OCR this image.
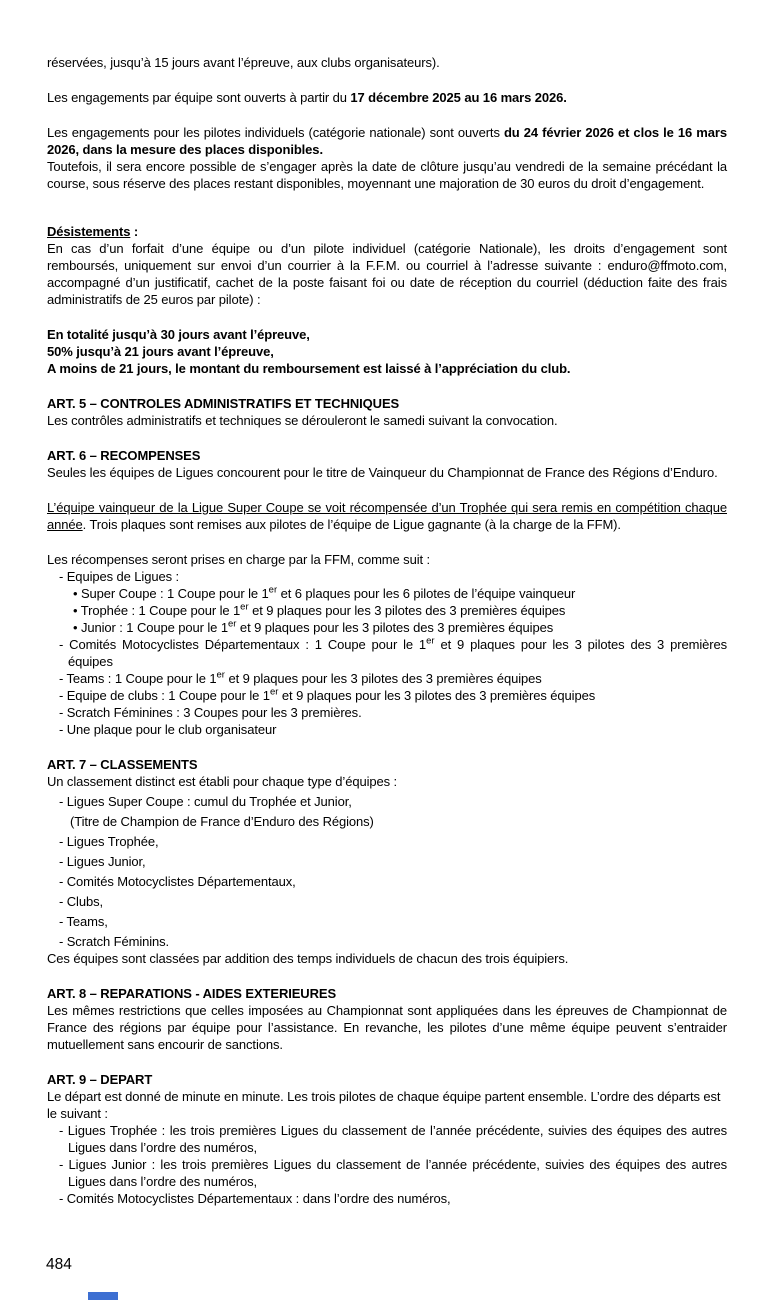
réservées, jusqu’à 15 jours avant l’épreuve, aux clubs organisateurs).
Les engagements par équipe sont ouverts à partir du 17 décembre 2025 au 16 mars 2026.
Les engagements pour les pilotes individuels (catégorie nationale) sont ouverts du 24 février 2026 et clos le 16 mars 2026, dans la mesure des places disponibles.
Toutefois, il sera encore possible de s’engager après la date de clôture jusqu’au vendredi de la semaine précédant la course, sous réserve des places restant disponibles, moyennant une majoration de 30 euros du droit d’engagement.
Désistements :
En cas d’un forfait d’une équipe ou d’un pilote individuel (catégorie Nationale), les droits d’engagement sont remboursés, uniquement sur envoi d’un courrier à la F.F.M. ou courriel à l’adresse suivante : enduro@ffmoto.com, accompagné d’un justificatif, cachet de la poste faisant foi ou date de réception du courriel (déduction faite des frais administratifs de 25 euros par pilote) :
En totalité jusqu’à 30 jours avant l’épreuve,
50% jusqu’à 21 jours avant l’épreuve,
A moins de 21 jours, le montant du remboursement est laissé à l’appréciation du club.
ART. 5 – CONTROLES ADMINISTRATIFS ET TECHNIQUES
Les contrôles administratifs et techniques se dérouleront le samedi suivant la convocation.
ART. 6 – RECOMPENSES
Seules les équipes de Ligues concourent pour le titre de Vainqueur du Championnat de France des Régions d’Enduro.
L’équipe vainqueur de la Ligue Super Coupe se voit récompensée d’un Trophée qui sera remis en compétition chaque année. Trois plaques sont remises aux pilotes de l’équipe de Ligue gagnante (à la charge de la FFM).
Les récompenses seront prises en charge par la FFM, comme suit :
- Equipes de Ligues :
• Super Coupe : 1 Coupe pour le 1er et 6 plaques pour les 6 pilotes de l’équipe vainqueur
• Trophée : 1 Coupe pour le 1er et 9 plaques pour les 3 pilotes des 3 premières équipes
• Junior : 1 Coupe pour le 1er et 9 plaques pour les 3 pilotes des 3 premières équipes
- Comités Motocyclistes Départementaux : 1 Coupe pour le 1er et 9 plaques pour les 3 pilotes des 3 premières équipes
- Teams : 1 Coupe pour le 1er et 9 plaques pour les 3 pilotes des 3 premières équipes
- Equipe de clubs : 1 Coupe pour le 1er et 9 plaques pour les 3 pilotes des 3 premières équipes
- Scratch Féminines : 3 Coupes pour les 3 premières.
- Une plaque pour le club organisateur
ART. 7 – CLASSEMENTS
Un classement distinct est établi pour chaque type d’équipes :
- Ligues Super Coupe : cumul du Trophée et Junior,
(Titre de Champion de France d’Enduro des Régions)
- Ligues Trophée,
- Ligues Junior,
- Comités Motocyclistes Départementaux,
- Clubs,
- Teams,
- Scratch Féminins.
Ces équipes sont classées par addition des temps individuels de chacun des trois équipiers.
ART. 8 – REPARATIONS - AIDES EXTERIEURES
Les mêmes restrictions que celles imposées au Championnat sont appliquées dans les épreuves de Championnat de France des régions par équipe pour l’assistance. En revanche, les pilotes d’une même équipe peuvent s’entraider mutuellement sans encourir de sanctions.
ART. 9 – DEPART
Le départ est donné de minute en minute. Les trois pilotes de chaque équipe partent ensemble. L’ordre des départs est le suivant :
- Ligues Trophée : les trois premières Ligues du classement de l’année précédente, suivies des équipes des autres Ligues dans l’ordre des numéros,
- Ligues Junior : les trois premières Ligues du classement de l’année précédente, suivies des équipes des autres Ligues dans l’ordre des numéros,
- Comités Motocyclistes Départementaux : dans l’ordre des numéros,
484
